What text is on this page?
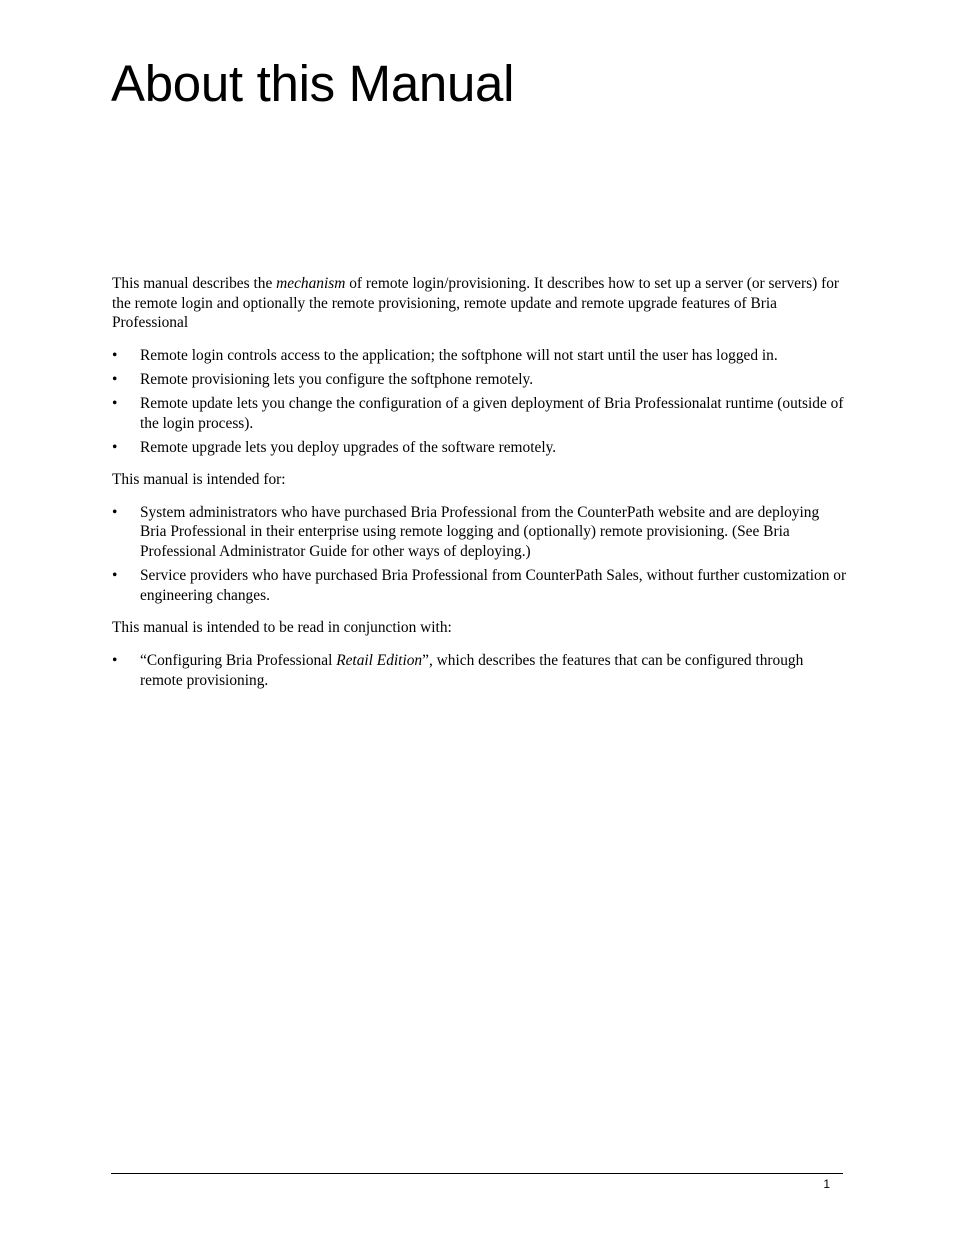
About this Manual

This manual describes the mechanism of remote login/provisioning. It describes how to set up a server (or servers) for the remote login and optionally the remote provisioning, remote update and remote upgrade features of Bria Professional

• Remote login controls access to the application; the softphone will not start until the user has logged in.
• Remote provisioning lets you configure the softphone remotely.
• Remote update lets you change the configuration of a given deployment of Bria Professionalat runtime (outside of the login process).
• Remote upgrade lets you deploy upgrades of the software remotely.

This manual is intended for:

• System administrators who have purchased Bria Professional from the CounterPath website and are deploying Bria Professional in their enterprise using remote logging and (optionally) remote provisioning. (See Bria Professional Administrator Guide for other ways of deploying.)
• Service providers who have purchased Bria Professional from CounterPath Sales, without further customization or engineering changes.

This manual is intended to be read in conjunction with:

• “Configuring Bria Professional Retail Edition”, which describes the features that can be configured through remote provisioning.
1
